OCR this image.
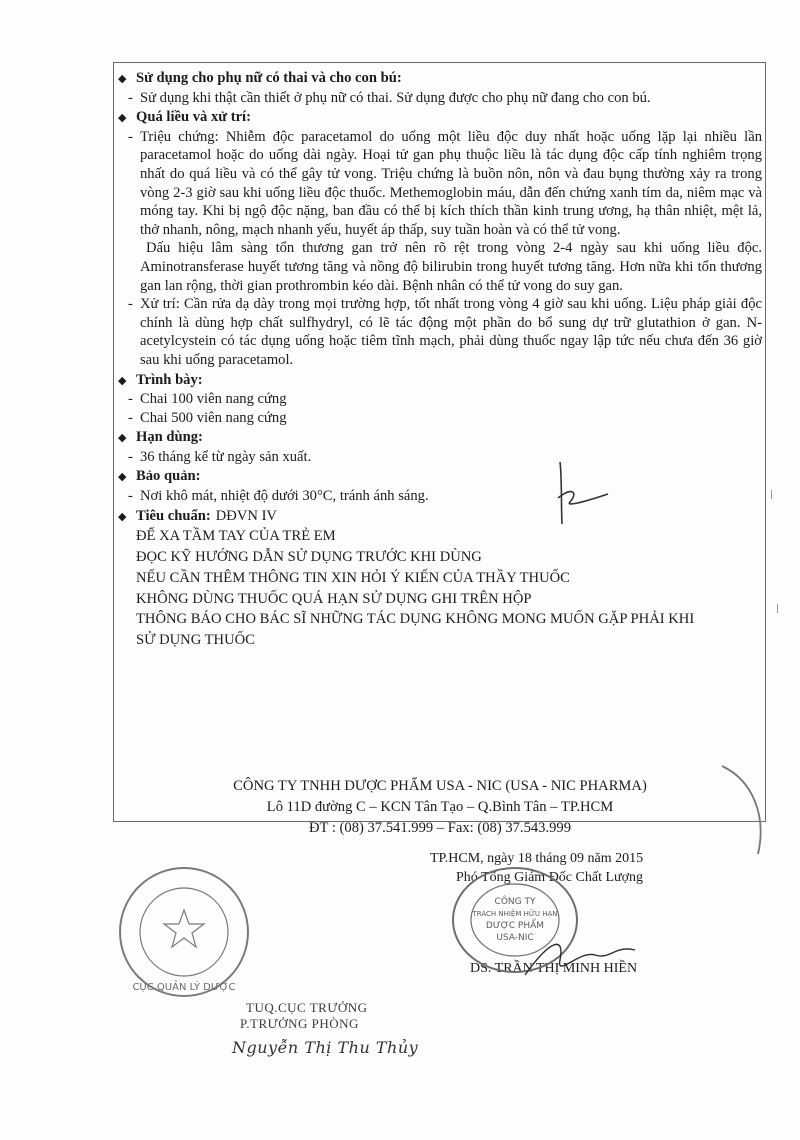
◆ Sử dụng cho phụ nữ có thai và cho con bú:
- Sử dụng khi thật cần thiết ở phụ nữ có thai. Sử dụng được cho phụ nữ đang cho con bú.
◆ Quá liều và xử trí:
- Triệu chứng: Nhiễm độc paracetamol do uống một liều độc duy nhất hoặc uống lặp lại nhiều lần paracetamol hoặc do uống dài ngày. Hoại tử gan phụ thuộc liều là tác dụng độc cấp tính nghiêm trọng nhất do quá liều và có thể gây tử vong. Triệu chứng là buồn nôn, nôn và đau bụng thường xảy ra trong vòng 2-3 giờ sau khi uống liều độc thuốc. Methemoglobin máu, dẫn đến chứng xanh tím da, niêm mạc và móng tay. Khi bị ngộ độc nặng, ban đầu có thể bị kích thích thần kinh trung ương, hạ thân nhiệt, mệt lả, thở nhanh, nông, mạch nhanh yếu, huyết áp thấp, suy tuần hoàn và có thể tử vong.
Dấu hiệu lâm sàng tổn thương gan trở nên rõ rệt trong vòng 2-4 ngày sau khi uống liều độc. Aminotransferase huyết tương tăng và nồng độ bilirubin trong huyết tương tăng. Hơn nữa khi tổn thương gan lan rộng, thời gian prothrombin kéo dài. Bệnh nhân có thể tử vong do suy gan.
- Xử trí: Cần rửa dạ dày trong mọi trường hợp, tốt nhất trong vòng 4 giờ sau khi uống. Liệu pháp giải độc chính là dùng hợp chất sulfhydryl, có lẽ tác động một phần do bổ sung dự trữ glutathion ở gan. N- acetylcystein có tác dụng uống hoặc tiêm tĩnh mạch, phải dùng thuốc ngay lập tức nếu chưa đến 36 giờ sau khi uống paracetamol.
◆ Trình bày:
- Chai 100 viên nang cứng
- Chai 500 viên nang cứng
◆ Hạn dùng:
- 36 tháng kể từ ngày sản xuất.
◆ Bảo quản:
- Nơi khô mát, nhiệt độ dưới 30°C, tránh ánh sáng.
◆ Tiêu chuẩn: DĐVN IV
ĐỂ XA TẦM TAY CỦA TRẺ EM
ĐỌC KỸ HƯỚNG DẪN SỬ DỤNG TRƯỚC KHI DÙNG
NẾU CẦN THÊM THÔNG TIN XIN HỎI Ý KIẾN CỦA THẦY THUỐC
KHÔNG DÙNG THUỐC QUÁ HẠN SỬ DỤNG GHI TRÊN HỘP
THÔNG BÁO CHO BÁC SĨ NHỮNG TÁC DỤNG KHÔNG MONG MUỐN GẶP PHẢI KHI SỬ DỤNG THUỐC
CÔNG TY TNHH DƯỢC PHẨM USA - NIC (USA - NIC PHARMA)
Lô 11D đường C – KCN Tân Tạo – Q.Bình Tân – TP.HCM
ĐT : (08) 37.541.999 – Fax: (08) 37.543.999
TP.HCM, ngày 18 tháng 09 năm 2015
Phó Tổng Giám Đốc Chất Lượng
DS. TRẦN THỊ MINH HIỀN
CÔNG TY
TRÁCH NHIỆM HỮU HẠN
DƯỢC PHẨM
USA-NIC
CỤC QUẢN LÝ DƯỢC
TUQ.CỤC TRƯỞNG
P.TRƯỞNG PHÒNG
Nguyễn Thị Thu Thủy
|
|
